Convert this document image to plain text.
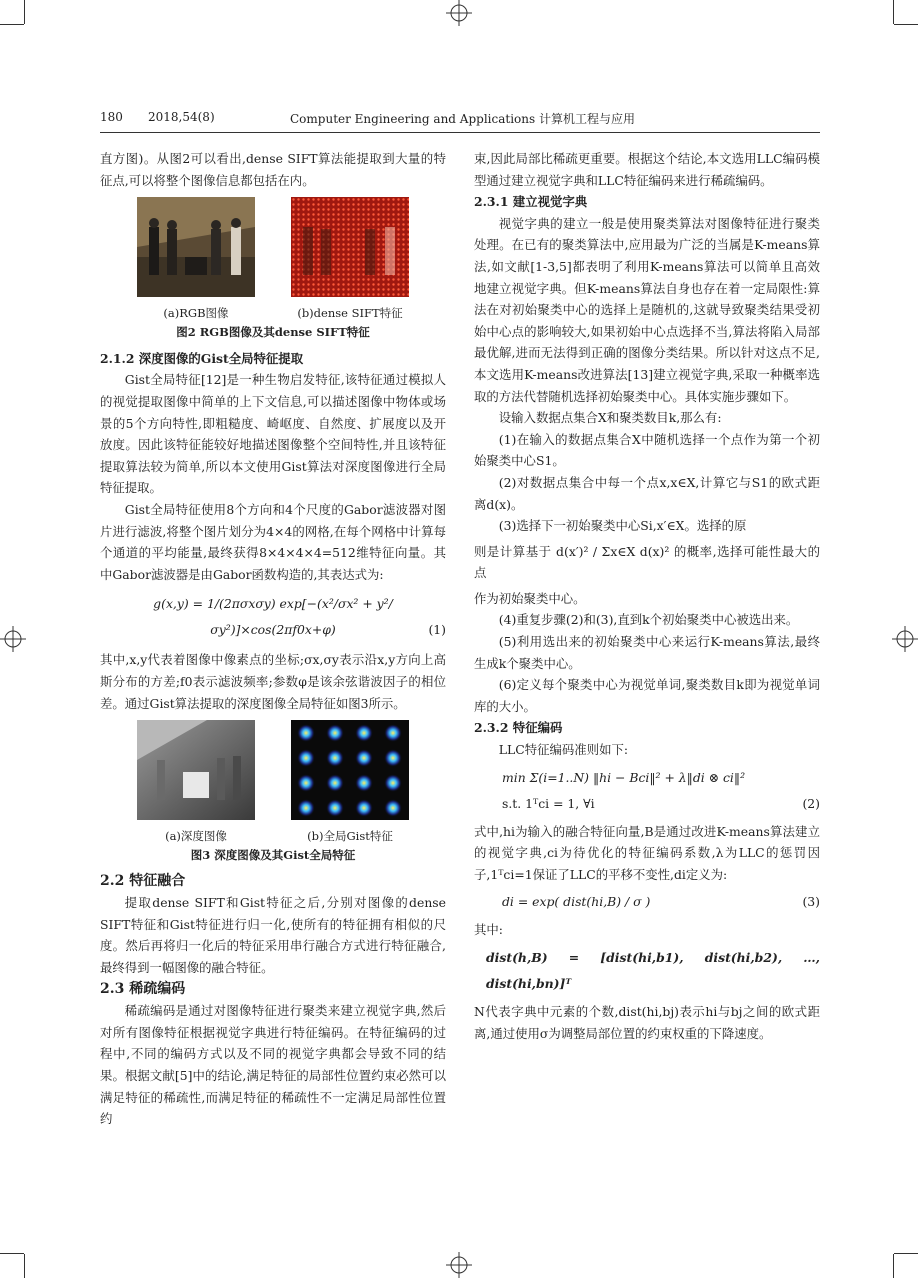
180 2018,54(8)	Computer Engineering and Applications 计算机工程与应用

直方图)。从图2可以看出,dense SIFT算法能提取到大量的特征点,可以将整个图像信息都包括在内。

(a)RGB图像	(b)dense SIFT特征
图2 RGB图像及其dense SIFT特征

2.1.2 深度图像的Gist全局特征提取

Gist全局特征[12]是一种生物启发特征,该特征通过模拟人的视觉提取图像中简单的上下文信息,可以描述图像中物体或场景的5个方向特性,即粗糙度、崎岖度、自然度、扩展度以及开放度。因此该特征能较好地描述图像整个空间特性,并且该特征提取算法较为简单,所以本文使用Gist算法对深度图像进行全局特征提取。

Gist全局特征使用8个方向和4个尺度的Gabor滤波器对图片进行滤波,将整个图片划分为4×4的网格,在每个网格中计算每个通道的平均能量,最终获得8×4×4×4=512维特征向量。其中Gabor滤波器是由Gabor函数构造的,其表达式为:

g(x,y) = 1/(2πσxσy) exp[−(x²/σx² + y²/σy²)]×cos(2πf0x+φ)	(1)

其中,x,y代表着图像中像素点的坐标;σx,σy表示沿x,y方向上高斯分布的方差;f0表示滤波频率;参数φ是该余弦谐波因子的相位差。通过Gist算法提取的深度图像全局特征如图3所示。

(a)深度图像	(b)全局Gist特征
图3 深度图像及其Gist全局特征

2.2 特征融合

提取dense SIFT和Gist特征之后,分别对图像的dense SIFT特征和Gist特征进行归一化,使所有的特征拥有相似的尺度。然后再将归一化后的特征采用串行融合方式进行特征融合,最终得到一幅图像的融合特征。

2.3 稀疏编码

稀疏编码是通过对图像特征进行聚类来建立视觉字典,然后对所有图像特征根据视觉字典进行特征编码。在特征编码的过程中,不同的编码方式以及不同的视觉字典都会导致不同的结果。根据文献[5]中的结论,满足特征的局部性位置约束必然可以满足特征的稀疏性,而满足特征的稀疏性不一定满足局部性位置约

束,因此局部比稀疏更重要。根据这个结论,本文选用LLC编码模型通过建立视觉字典和LLC特征编码来进行稀疏编码。

2.3.1 建立视觉字典

视觉字典的建立一般是使用聚类算法对图像特征进行聚类处理。在已有的聚类算法中,应用最为广泛的当属是K-means算法,如文献[1-3,5]都表明了利用K-means算法可以简单且高效地建立视觉字典。但K-means算法自身也存在着一定局限性:算法在对初始聚类中心的选择上是随机的,这就导致聚类结果受初始中心点的影响较大,如果初始中心点选择不当,算法将陷入局部最优解,进而无法得到正确的图像分类结果。所以针对这点不足,本文选用K-means改进算法[13]建立视觉字典,采取一种概率选取的方法代替随机选择初始聚类中心。具体实施步骤如下。

设输入数据点集合X和聚类数目k,那么有:

(1)在输入的数据点集合X中随机选择一个点作为第一个初始聚类中心S1。

(2)对数据点集合中每一个点x,x∈X,计算它与S1的欧式距离d(x)。

(3)选择下一初始聚类中心Si,x′∈X。选择的原

则是计算基于 d(x′)² / Σx∈X d(x)² 的概率,选择可能性最大的点

作为初始聚类中心。

(4)重复步骤(2)和(3),直到k个初始聚类中心被选出来。

(5)利用选出来的初始聚类中心来运行K-means算法,最终生成k个聚类中心。

(6)定义每个聚类中心为视觉单词,聚类数目k即为视觉单词库的大小。

2.3.2 特征编码

LLC特征编码准则如下:

min Σ(i=1..N) ‖hi − Bci‖² + λ‖di ⊗ ci‖²
s.t. 1ᵀci = 1, ∀i	(2)

式中,hi为输入的融合特征向量,B是通过改进K-means算法建立的视觉字典,ci为待优化的特征编码系数,λ为LLC的惩罚因子,1ᵀci=1保证了LLC的平移不变性,di定义为:

di = exp( dist(hi,B) / σ )	(3)

其中:

dist(h,B) = [dist(hi,b1), dist(hi,b2), …, dist(hi,bn)]ᵀ

N代表字典中元素的个数,dist(hi,bj)表示hi与bj之间的欧式距离,通过使用σ为调整局部位置的约束权重的下降速度。
